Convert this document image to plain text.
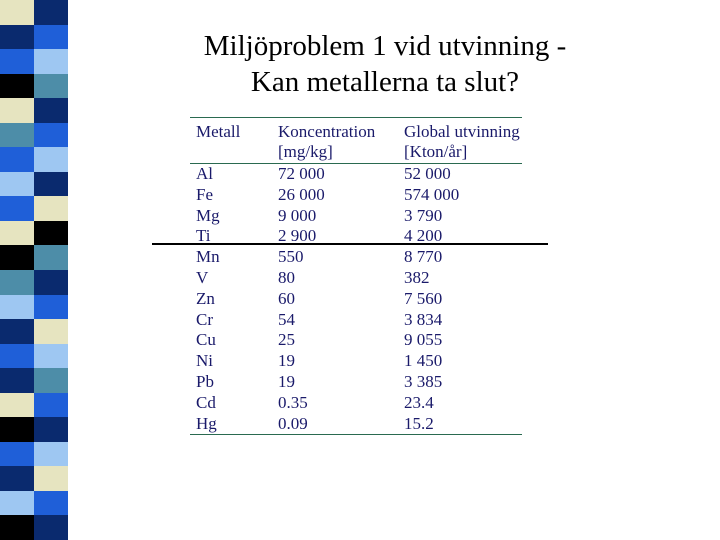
Miljöproblem 1 vid utvinning -
Kan metallerna ta slut?
Metall	Koncentration	Global utvinning
	[mg/kg]	[Kton/år]
Al	72 000	52 000
Fe	26 000	574 000
Mg	9 000	3 790
Ti	2 900	4 200
Mn	550	8 770
V	80	382
Zn	60	7 560
Cr	54	3 834
Cu	25	9 055
Ni	19	1 450
Pb	19	3 385
Cd	0.35	23.4
Hg	0.09	15.2
